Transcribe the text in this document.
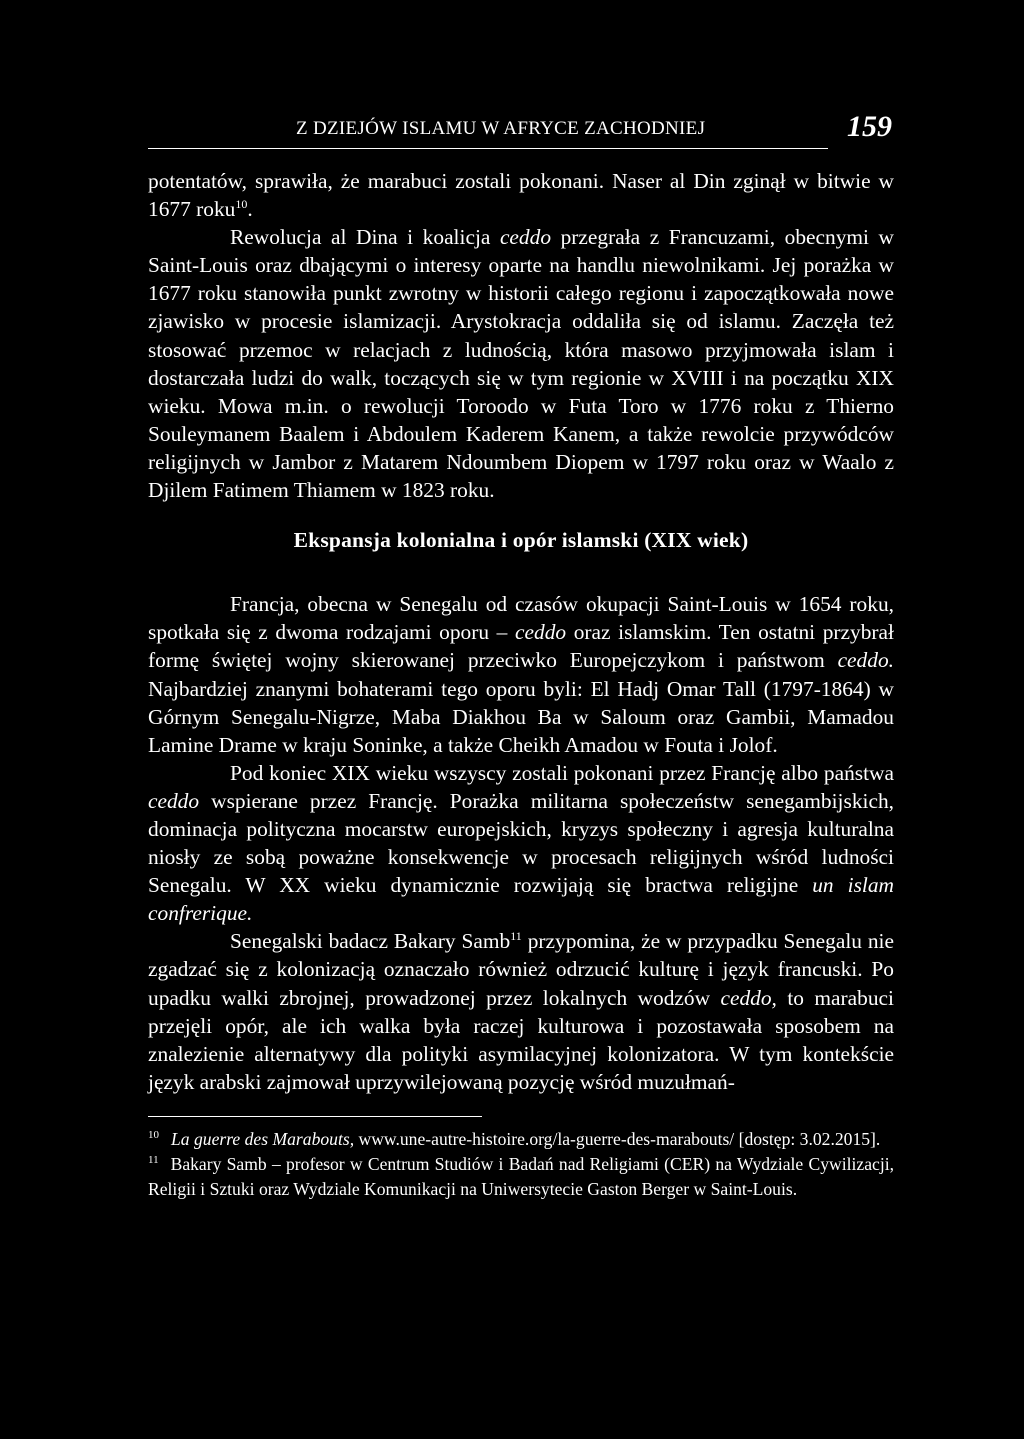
Z DZIEJÓW ISLAMU W AFRYCE ZACHODNIEJ	159

potentatów, sprawiła, że marabuci zostali pokonani. Naser al Din zginął w bitwie w 1677 roku$^{10}$.

Rewolucja al Dina i koalicja ceddo przegrała z Francuzami, obecnymi w Saint-Louis oraz dbającymi o interesy oparte na handlu niewolnikami. Jej porażka w 1677 roku stanowiła punkt zwrotny w historii całego regionu i zapoczątkowała nowe zjawisko w procesie islamizacji. Arystokracja oddaliła się od islamu. Zaczęła też stosować przemoc w relacjach z ludnością, która masowo przyjmowała islam i dostarczała ludzi do walk, toczących się w tym regionie w XVIII i na początku XIX wieku. Mowa m.in. o rewolucji Toroodo w Futa Toro w 1776 roku z Thierno Souleymanem Baalem i Abdoulem Kaderem Kanem, a także rewolcie przywódców religijnych w Jambor z Matarem Ndoumbem Diopem w 1797 roku oraz w Waalo z Djilem Fatimem Thiamem w 1823 roku.

Ekspansja kolonialna i opór islamski (XIX wiek)

Francja, obecna w Senegalu od czasów okupacji Saint-Louis w 1654 roku, spotkała się z dwoma rodzajami oporu – ceddo oraz islamskim. Ten ostatni przybrał formę świętej wojny skierowanej przeciwko Europejczykom i państwom ceddo. Najbardziej znanymi bohaterami tego oporu byli: El Hadj Omar Tall (1797-1864) w Górnym Senegalu-Nigrze, Maba Diakhou Ba w Saloum oraz Gambii, Mamadou Lamine Drame w kraju Soninke, a także Cheikh Amadou w Fouta i Jolof.

Pod koniec XIX wieku wszyscy zostali pokonani przez Francję albo państwa ceddo wspierane przez Francję. Porażka militarna społeczeństw senegambijskich, dominacja polityczna mocarstw europejskich, kryzys społeczny i agresja kulturalna niosły ze sobą poważne konsekwencje w procesach religijnych wśród ludności Senegalu. W XX wieku dynamicznie rozwijają się bractwa religijne un islam confrerique.

Senegalski badacz Bakary Samb$^{11}$ przypomina, że w przypadku Senegalu nie zgadzać się z kolonizacją oznaczało również odrzucić kulturę i język francuski. Po upadku walki zbrojnej, prowadzonej przez lokalnych wodzów ceddo, to marabuci przejęli opór, ale ich walka była raczej kulturowa i pozostawała sposobem na znalezienie alternatywy dla polityki asymilacyjnej kolonizatora. W tym kontekście język arabski zajmował uprzywilejowaną pozycję wśród muzułmań-

$^{10}$ La guerre des Marabouts, www.une-autre-histoire.org/la-guerre-des-marabouts/ [dostęp: 3.02.2015].

$^{11}$ Bakary Samb – profesor w Centrum Studiów i Badań nad Religiami (CER) na Wydziale Cywilizacji, Religii i Sztuki oraz Wydziale Komunikacji na Uniwersytecie Gaston Berger w Saint-Louis.
